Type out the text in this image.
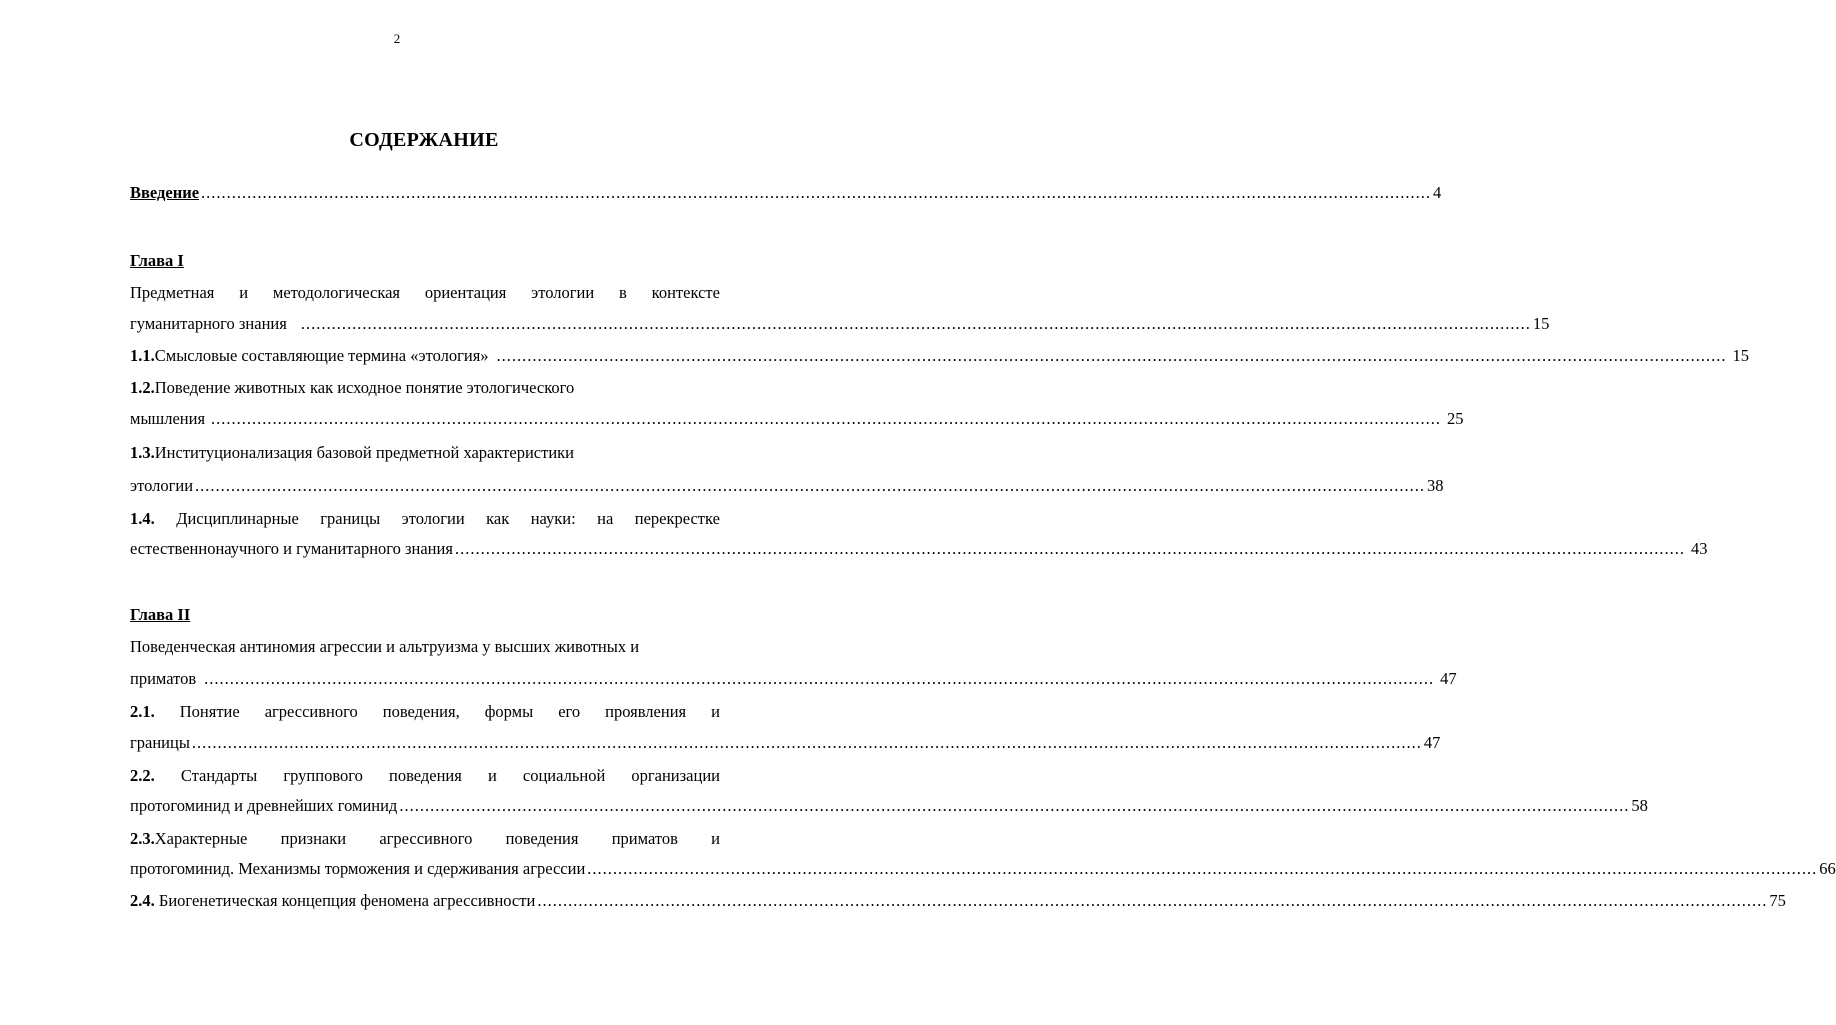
2
СОДЕРЖАНИЕ
Введение ................................................................................................................................................................................................................................................ 4
Глава I
Предметная и методологическая ориентация этологии в контексте
гуманитарного знания ................................................................................................................................................................................................................................................ 15
1.1.Смысловые составляющие термина «этология» ................................................................................................................................................................................................................................................ 15
1.2.Поведение животных как исходное понятие этологического
мышления ................................................................................................................................................................................................................................................ 25
1.3.Институционализация базовой предметной характеристики
этологии ................................................................................................................................................................................................................................................ 38
1.4. Дисциплинарные границы этологии как науки: на перекрестке
естественнонаучного и гуманитарного знания ................................................................................................................................................................................................................................................ 43
Глава II
Поведенческая антиномия агрессии и альтруизма у высших животных и
приматов ................................................................................................................................................................................................................................................ 47
2.1. Понятие агрессивного поведения, формы его проявления и
границы ................................................................................................................................................................................................................................................ 47
2.2. Стандарты группового поведения и социальной организации
протогоминид и древнейших гоминид ................................................................................................................................................................................................................................................ 58
2.3.Характерные признаки агрессивного поведения приматов и
протогоминид. Механизмы торможения и сдерживания агрессии ................................................................................................................................................................................................................................................ 66
2.4. Биогенетическая концепция феномена агрессивности ................................................................................................................................................................................................................................................ 75
